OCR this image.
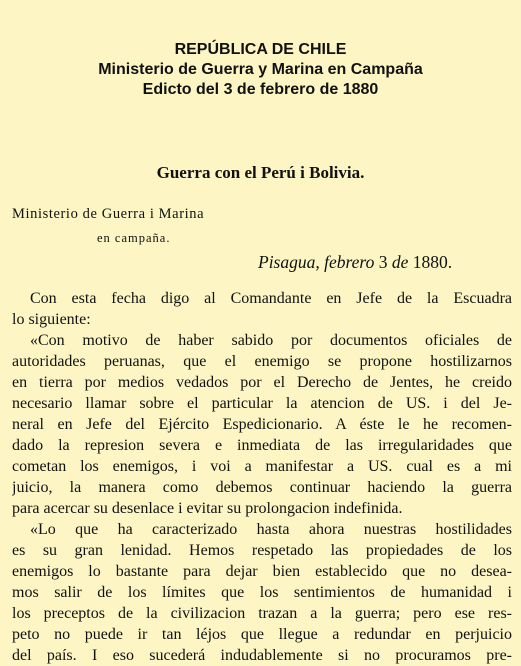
REPÚBLICA DE CHILE
Ministerio de Guerra y Marina en Campaña
Edicto del 3 de febrero de 1880
Guerra con el Perú i Bolivia.
Ministerio de Guerra i Marina
en campaña.
Pisagua, febrero 3 de 1880.
Con esta fecha digo al Comandante en Jefe de la Escuadra
lo siguiente:
«Con motivo de haber sabido por documentos oficiales de
autoridades peruanas, que el enemigo se propone hostilizarnos
en tierra por medios vedados por el Derecho de Jentes, he creido
necesario llamar sobre el particular la atencion de US. i del Je-
neral en Jefe del Ejército Espedicionario. A éste le he recomen-
dado la represion severa e inmediata de las irregularidades que
cometan los enemigos, i voi a manifestar a US. cual es a mi
juicio, la manera como debemos continuar haciendo la guerra
para acercar su desenlace i evitar su prolongacion indefinida.
«Lo que ha caracterizado hasta ahora nuestras hostilidades
es su gran lenidad. Hemos respetado las propiedades de los
enemigos lo bastante para dejar bien establecido que no desea-
mos salir de los límites que los sentimientos de humanidad i
los preceptos de la civilizacion trazan a la guerra; pero ese res-
peto no puede ir tan léjos que llegue a redundar en perjuicio
del país. I eso sucederá indudablemente si no procuramos pre-
